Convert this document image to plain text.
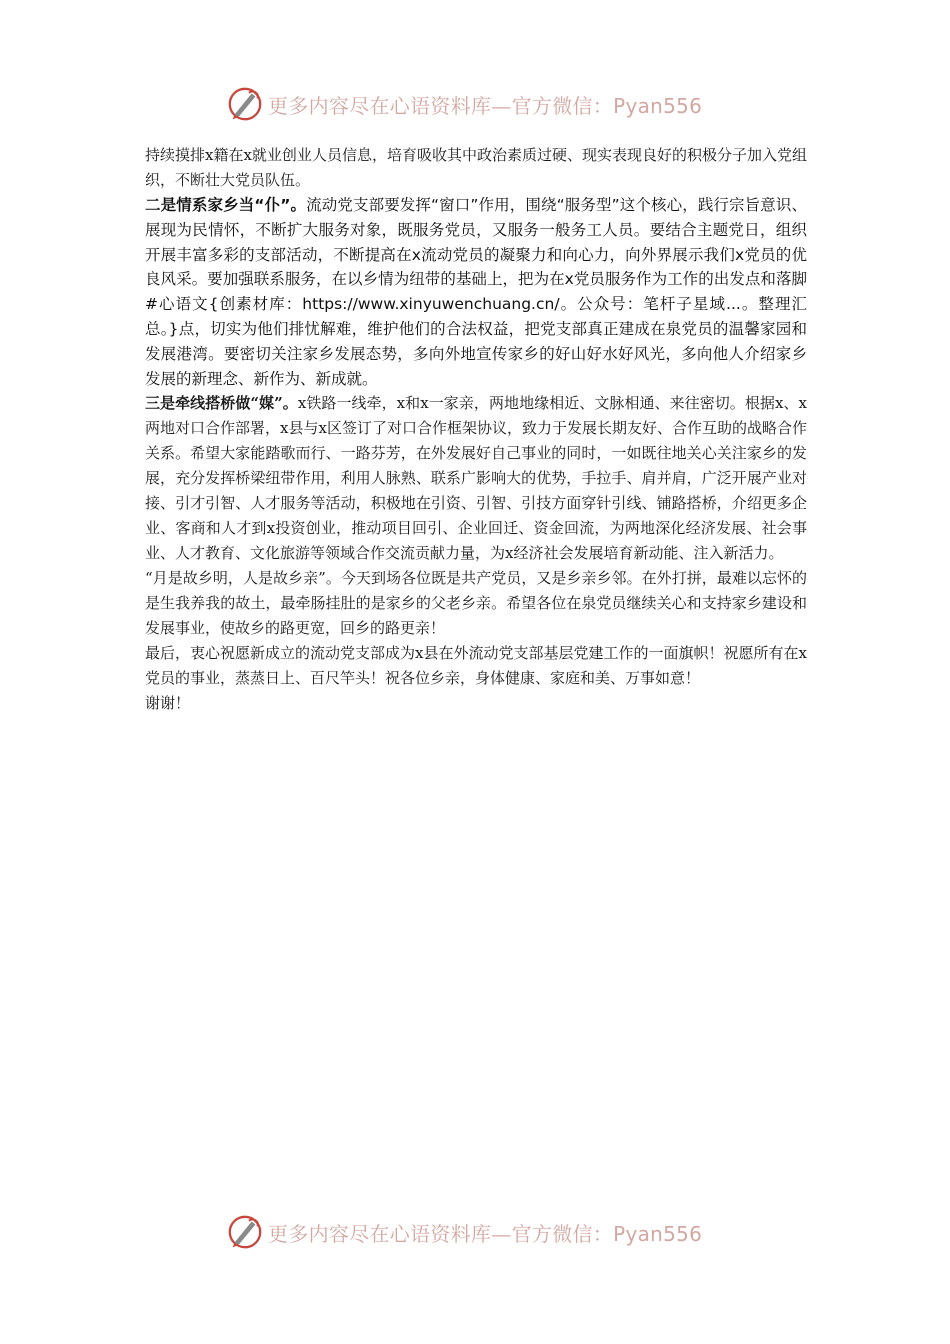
更多内容尽在心语资料库—官方微信：Pyan556

持续摸排x籍在x就业创业人员信息，培育吸收其中政治素质过硬、现实表现良好的积极分子加入党组织，不断壮大党员队伍。

二是情系家乡当“仆”。流动党支部要发挥“窗口”作用，围绕“服务型”这个核心，践行宗旨意识、展现为民情怀，不断扩大服务对象，既服务党员，又服务一般务工人员。要结合主题党日，组织开展丰富多彩的支部活动，不断提高在x流动党员的凝聚力和向心力，向外界展示我们x党员的优良风采。要加强联系服务，在以乡情为纽带的基础上，把为在x党员服务作为工作的出发点和落脚#心语文{创素材库：https://www.xinyuwenchuang.cn/。公众号：笔杆子星域...。整理汇总。}点，切实为他们排忧解难，维护他们的合法权益，把党支部真正建成在泉党员的温馨家园和发展港湾。要密切关注家乡发展态势，多向外地宣传家乡的好山好水好风光，多向他人介绍家乡发展的新理念、新作为、新成就。

三是牵线搭桥做“媒”。x铁路一线牵，x和x一家亲，两地地缘相近、文脉相通、来往密切。根据x、x两地对口合作部署，x县与x区签订了对口合作框架协议，致力于发展长期友好、合作互助的战略合作关系。希望大家能踏歌而行、一路芬芳，在外发展好自己事业的同时，一如既往地关心关注家乡的发展，充分发挥桥梁纽带作用，利用人脉熟、联系广影响大的优势，手拉手、肩并肩，广泛开展产业对接、引才引智、人才服务等活动，积极地在引资、引智、引技方面穿针引线、铺路搭桥，介绍更多企业、客商和人才到x投资创业，推动项目回引、企业回迁、资金回流，为两地深化经济发展、社会事业、人才教育、文化旅游等领域合作交流贡献力量，为x经济社会发展培育新动能、注入新活力。

“月是故乡明，人是故乡亲”。今天到场各位既是共产党员，又是乡亲乡邻。在外打拼，最难以忘怀的是生我养我的故土，最牵肠挂肚的是家乡的父老乡亲。希望各位在泉党员继续关心和支持家乡建设和发展事业，使故乡的路更宽，回乡的路更亲！

最后，衷心祝愿新成立的流动党支部成为x县在外流动党支部基层党建工作的一面旗帜！祝愿所有在x党员的事业，蒸蒸日上、百尺竿头！祝各位乡亲，身体健康、家庭和美、万事如意！

谢谢！

更多内容尽在心语资料库—官方微信：Pyan556
